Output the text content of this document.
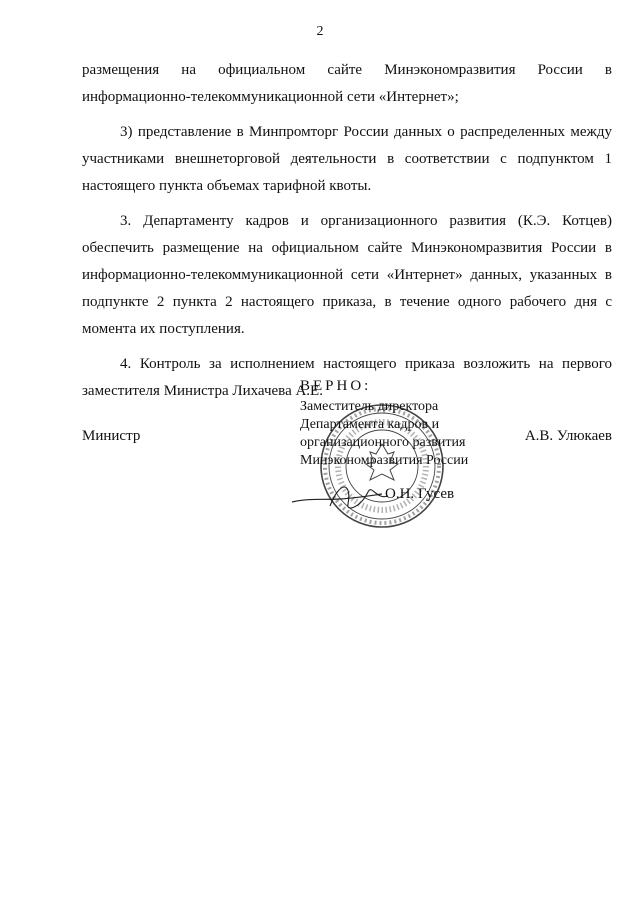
2

размещения на официальном сайте Минэкономразвития России в информационно-телекоммуникационной сети «Интернет»;

3) представление в Минпромторг России данных о распределенных между участниками внешнеторговой деятельности в соответствии с подпунктом 1 настоящего пункта объемах тарифной квоты.

3. Департаменту кадров и организационного развития (К.Э. Котцев) обеспечить размещение на официальном сайте Минэкономразвития России в информационно-телекоммуникационной сети «Интернет» данных, указанных в подпункте 2 пункта 2 настоящего приказа, в течение одного рабочего дня с момента их поступления.

4. Контроль за исполнением настоящего приказа возложить на первого заместителя Министра Лихачева А.Е.

Министр	А.В. Улюкаев
ВЕРНО:
Заместитель директора
Департамента кадров и
организационного развития
Минэкономразвития России
О.Н. Гусев
